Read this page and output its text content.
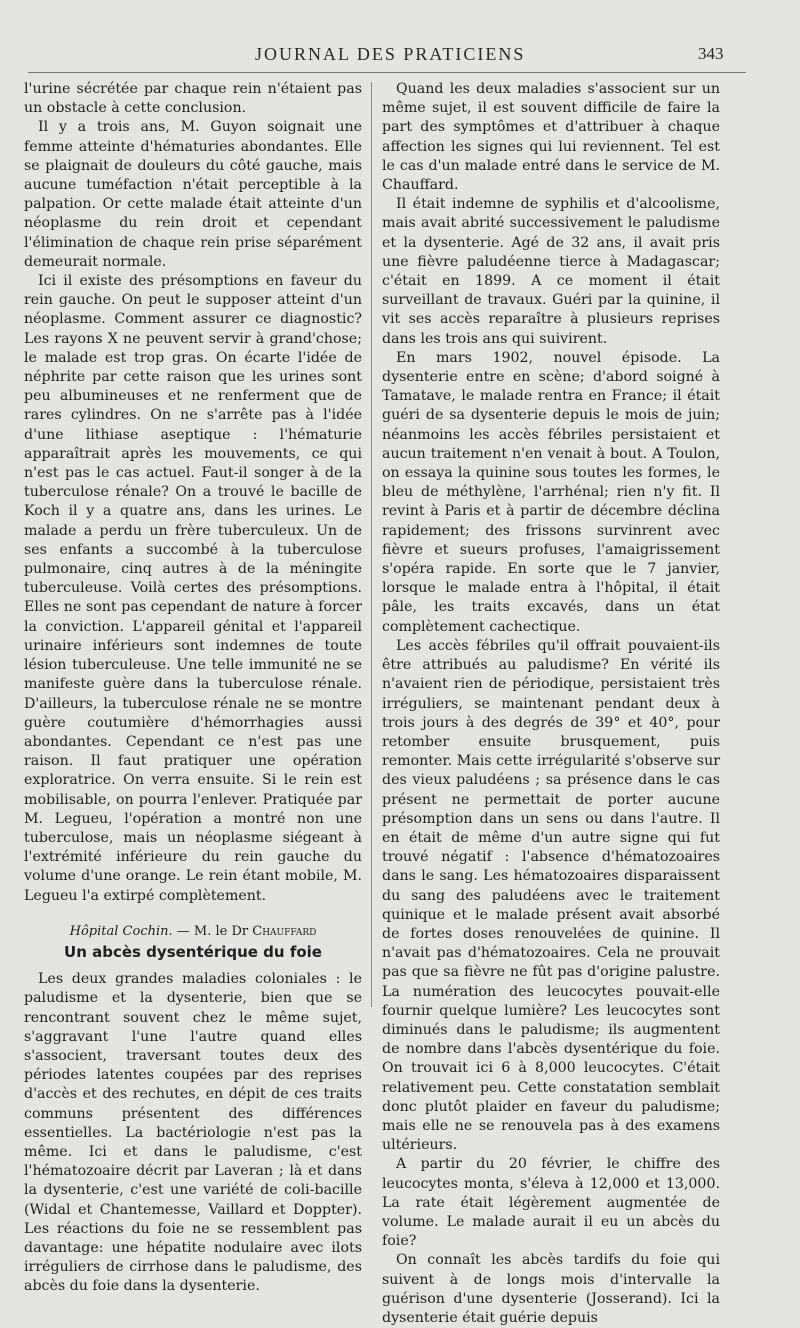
JOURNAL DES PRATICIENS	343

l'urine sécrétée par chaque rein n'étaient pas un obstacle à cette conclusion.

Il y a trois ans, M. Guyon soignait une femme atteinte d'hématuries abondantes. Elle se plaignait de douleurs du côté gauche, mais aucune tuméfaction n'était perceptible à la palpation. Or cette malade était atteinte d'un néoplasme du rein droit et cependant l'élimination de chaque rein prise séparément demeurait normale.

Ici il existe des présomptions en faveur du rein gauche. On peut le supposer atteint d'un néoplasme. Comment assurer ce diagnostic? Les rayons X ne peuvent servir à grand'chose; le malade est trop gras. On écarte l'idée de néphrite par cette raison que les urines sont peu albumineuses et ne renferment que de rares cylindres. On ne s'arrête pas à l'idée d'une lithiase aseptique : l'hématurie apparaîtrait après les mouvements, ce qui n'est pas le cas actuel. Faut-il songer à de la tuberculose rénale? On a trouvé le bacille de Koch il y a quatre ans, dans les urines. Le malade a perdu un frère tuberculeux. Un de ses enfants a succombé à la tuberculose pulmonaire, cinq autres à de la méningite tuberculeuse. Voilà certes des présomptions. Elles ne sont pas cependant de nature à forcer la conviction. L'appareil génital et l'appareil urinaire inférieurs sont indemnes de toute lésion tuberculeuse. Une telle immunité ne se manifeste guère dans la tuberculose rénale. D'ailleurs, la tuberculose rénale ne se montre guère coutumière d'hémorrhagies aussi abondantes. Cependant ce n'est pas une raison. Il faut pratiquer une opération exploratrice. On verra ensuite. Si le rein est mobilisable, on pourra l'enlever. Pratiquée par M. Legueu, l'opération a montré non une tuberculose, mais un néoplasme siégeant à l'extrémité inférieure du rein gauche du volume d'une orange. Le rein étant mobile, M. Legueu l'a extirpé complètement.

Hôpital Cochin. — M. le Dr Chauffard
Un abcès dysentérique du foie

Les deux grandes maladies coloniales : le paludisme et la dysenterie, bien que se rencontrant souvent chez le même sujet, s'aggravant l'une l'autre quand elles s'associent, traversant toutes deux des périodes latentes coupées par des reprises d'accès et des rechutes, en dépit de ces traits communs présentent des différences essentielles. La bactériologie n'est pas la même. Ici et dans le paludisme, c'est l'hématozoaire décrit par Laveran ; là et dans la dysenterie, c'est une variété de coli-bacille (Widal et Chantemesse, Vaillard et Doppter). Les réactions du foie ne se ressemblent pas davantage: une hépatite nodulaire avec ilots irréguliers de cirrhose dans le paludisme, des abcès du foie dans la dysenterie.

Quand les deux maladies s'associent sur un même sujet, il est souvent difficile de faire la part des symptômes et d'attribuer à chaque affection les signes qui lui reviennent. Tel est le cas d'un malade entré dans le service de M. Chauffard.

Il était indemne de syphilis et d'alcoolisme, mais avait abrité successivement le paludisme et la dysenterie. Agé de 32 ans, il avait pris une fièvre paludéenne tierce à Madagascar; c'était en 1899. A ce moment il était surveillant de travaux. Guéri par la quinine, il vit ses accès reparaître à plusieurs reprises dans les trois ans qui suivirent.

En mars 1902, nouvel épisode. La dysenterie entre en scène; d'abord soigné à Tamatave, le malade rentra en France; il était guéri de sa dysenterie depuis le mois de juin; néanmoins les accès fébriles persistaient et aucun traitement n'en venait à bout. A Toulon, on essaya la quinine sous toutes les formes, le bleu de méthylène, l'arrhénal; rien n'y fit. Il revint à Paris et à partir de décembre déclina rapidement; des frissons survinrent avec fièvre et sueurs profuses, l'amaigrissement s'opéra rapide. En sorte que le 7 janvier, lorsque le malade entra à l'hôpital, il était pâle, les traits excavés, dans un état complètement cachectique.

Les accès fébriles qu'il offrait pouvaient-ils être attribués au paludisme? En vérité ils n'avaient rien de périodique, persistaient très irréguliers, se maintenant pendant deux à trois jours à des degrés de 39° et 40°, pour retomber ensuite brusquement, puis remonter. Mais cette irrégularité s'observe sur des vieux paludéens ; sa présence dans le cas présent ne permettait de porter aucune présomption dans un sens ou dans l'autre. Il en était de même d'un autre signe qui fut trouvé négatif : l'absence d'hématozoaires dans le sang. Les hématozoaires disparaissent du sang des paludéens avec le traitement quinique et le malade présent avait absorbé de fortes doses renouvelées de quinine. Il n'avait pas d'hématozoaires. Cela ne prouvait pas que sa fièvre ne fût pas d'origine palustre. La numération des leucocytes pouvait-elle fournir quelque lumière? Les leucocytes sont diminués dans le paludisme; ils augmentent de nombre dans l'abcès dysentérique du foie. On trouvait ici 6 à 8,000 leucocytes. C'était relativement peu. Cette constatation semblait donc plutôt plaider en faveur du paludisme; mais elle ne se renouvela pas à des examens ultérieurs.

A partir du 20 février, le chiffre des leucocytes monta, s'éleva à 12,000 et 13,000. La rate était légèrement augmentée de volume. Le malade aurait il eu un abcès du foie?

On connaît les abcès tardifs du foie qui suivent à de longs mois d'intervalle la guérison d'une dysenterie (Josserand). Ici la dysenterie était guérie depuis
